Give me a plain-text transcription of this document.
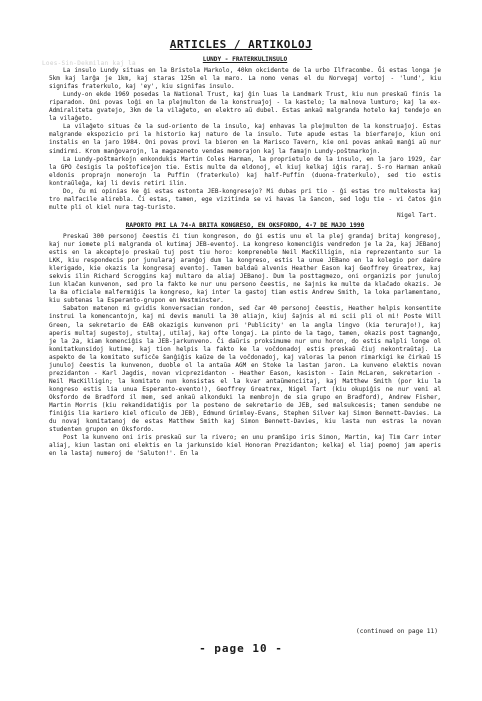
ARTICLES / ARTIKOLOJ
Loes-Sin-Dekmilan kaj la
LUNDY - FRATERKULINSULO

La insulo Lundy situas en la Bristola Markolo, 40km okcidente de la urbo Ilfracombe. Ĝi estas longa je 5km kaj larĝa je 1km, kaj staras 125m el la maro. La nomo venas el du Norvegaj vortoj - 'lund', kiu signifas fraterkulo, kaj 'ey', kiu signifas insulo.

Lundy-on ekde 1969 posedas la National Trust, kaj ĝin luas la Landmark Trust, kiu nun preskaŭ finis la riparadon. Oni povas loĝi en la plejmulton de la konstruaĵoj - la kastelo; la malnova lumturo; kaj la ex-Admiraliteta gvatejo, 3km de la vilaĝeto, en elektro aŭ dubel. Estas ankaŭ malgranda hotelo kaj tendejo en la vilaĝeto.

La vilaĝeto situas ĉe la sud-oriento de la insulo, kaj enhavas la plejmulton de la konstruaĵoj. Estas malgrande ekspozicio pri la historio kaj naturo de la insulo. Tute apude estas la bierfarejo, kiun oni instalis en la jaro 1984. Oni povas provi la bieron en la Marisco Tavern, kie oni povas ankaŭ manĝi aŭ nur simdirmi. Krom manĝovarojn, la magazeneto vendas memorajon kaj la famajn Lundy-poŝtmarkojn.

La Lundy-poŝtmarkojn enkondukis Martin Coles Harman, la proprietulo de la insulo, en la jaro 1929, ĉar la GPO ĉesigis la poŝtoficejon tie. Estis multe da eldonoj, el kiuj kelkaj iĝis raraj. S-ro Harman ankaŭ eldonis proprajn monerojn la Puffin (fraterkulo) kaj half-Puffin (duona-fraterkulo), sed tio estis kontraŭleĝa, kaj li devis retiri ilin.

Do, ĉu mi opinias ke ĝi estas estonta JEB-kongresejo? Mi dubas pri tio - ĝi estas tro multekosta kaj tro malfacile alirebla. Ĉi estas, tamen, ege vizitinda se vi havas la ŝancon, sed loĝu tie - vi ĉatos ĝin multe pli ol kiel nura tag-turisto.

Nigel Tart.
RAPORTO PRI LA 74-A BRITA KONGRESO, EN OKSFORDO, 4-7 DE MAJO 1990

Preskaŭ 300 personoj ĉeestis ĉi tiun kongreson, do ĝi estis unu el la plej grandaj britaj kongresoj, kaj nur iomete pli malgranda ol kutimaj JEB-eventoj. La kongreso komenciĝis vendredon je la 2a, kaj JEBanoj estis en la akceptejo preskaŭ tuj post tiu horo: kompreneble Neil MacKilligin, nia reprezentanto sur la LKK, kiu respondecis por junularaj aranĝoj dum la kongreso, estis la unue JEBano en la kolegio por daŭre klerigado, kie okazis la kongresaj eventoj. Tamen baldaŭ alvenis Heather Eason kaj Geoffrey Greatrex, kaj sekvis ilin Richard Scroggins kaj multaro da aliaj JEBanoj. Dum la posttagmezo, oni organizis por junuloj iun klaĉan kunvenon, sed pro la fakto ke nur unu persono ĉeestis, ne ŝajnis ke multe da klaĉado okazis. Je la 8a oficiale malfermiĝis la kongreso, kaj inter la gastoj tiam estis Andrew Smith, la loka parlamentano, kiu subtenas la Esperanto-grupon en Westminster.

Sabaton matenon mi gvidis konversacian rondon, sed ĉar 40 personoj ĉeestis, Heather helpis konsentite instrui la komencantojn, kaj mi devis manuli la 30 aliajn, kiuj ŝajnis al mi scii pli ol mi! Poste Will Green, la sekretario de EAB okazigis kunvenon pri 'Publicity' en la angla lingvo (kia teruraĵo!), kaj aperis multaj sugestoj, stultaj, utilaj, kaj ofte longaj. La pinto de la tago, tamen, okazis post tagmanĝo, je la 2a, kiam komenciĝis la JEB-jarkunveno. Ĉi daŭris proksimume nur unu horon, do estis malpli longe ol komitatkunsidoj kutime, kaj tion helpis la fakto ke la voĉdonadoj estis preskaŭ ĉiuj nekontraŭtaj. La aspekto de la komitato suficĉe ŝanĝiĝis kaŭze de la voĉdonadoj, kaj valoras la penon rimarkigi ke ĉirkaŭ 15 junuloj ĉeestis la kunvenon, duoble ol la antaŭa AGM en Stoke la lastan jaron. La kunveno elektis novan prezidanton - Karl Jagdis, novan vicprezidanton - Heather Eason, kasiston - Iain McLaren, sekretarion - Neil MacKilligin; la komitato nun konsistas el la kvar antaŭmenciitaj, kaj Matthew Smith (por kiu la kongreso estis lia unua Esperanto-evento!), Geoffrey Greatrex, Nigel Tart (kiu okupiĝis ne nur veni al Oksfordo de Bradford il mem, sed ankaŭ alkonduki la membrojn de sia grupo en Bradford), Andrew Fisher, Martin Morris (kiu rekandidatiĝis por la posteno de sekretario de JEB, sed malsukcesis; tamen sendube ne finiĝis lia kariero kiel oficulo de JEB), Edmund Grimley-Evans, Stephen Silver kaj Simon Bennett-Davies. La du novaj komitatanoj de estas Matthew Smith kaj Simon Bennett-Davies, kiu lasta nun estras la novan studenten grupon en Oksfordo.

Post la kunveno oni iris preskaŭ sur la rivero; en unu pramŝipo iris Simon, Martin, kaj Tim Carr inter aliaj, kiun lastan oni elektis en la jarkunsido kiel Honoran Prezidanton; kelkaj el liaj poemoj jam aperis en la lastaj numeroj de 'Saluton!'. En la

(continued on page 11)
- page 10 -
